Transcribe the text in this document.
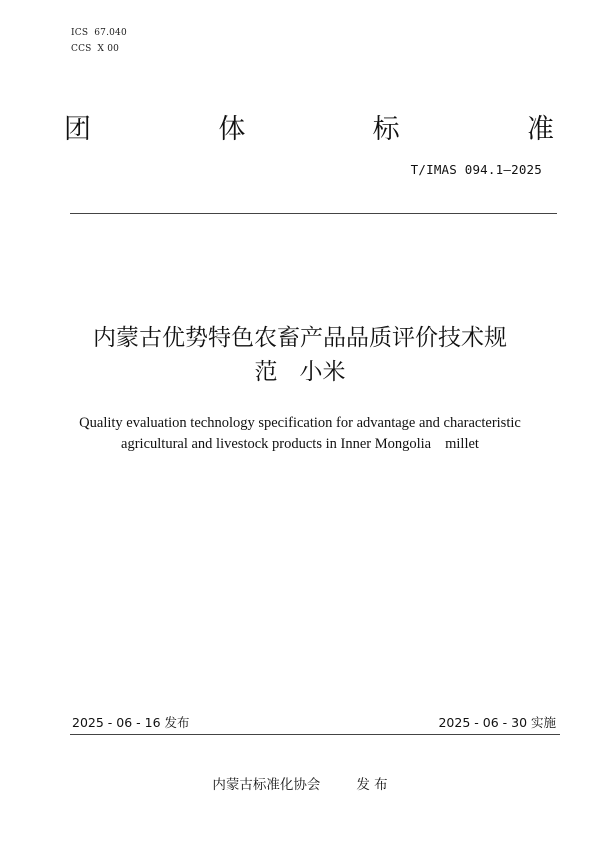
ICS 67.040
CCS X 00
团	体	标	准
T/IMAS 094.1—2025
内蒙古优势特色农畜产品品质评价技术规
范 小米
Quality evaluation technology specification for advantage and characteristic
agricultural and livestock products in Inner Mongolia millet
2025 - 06 - 16 发布	2025 - 06 - 30 实施
内蒙古标准化协会	发 布
